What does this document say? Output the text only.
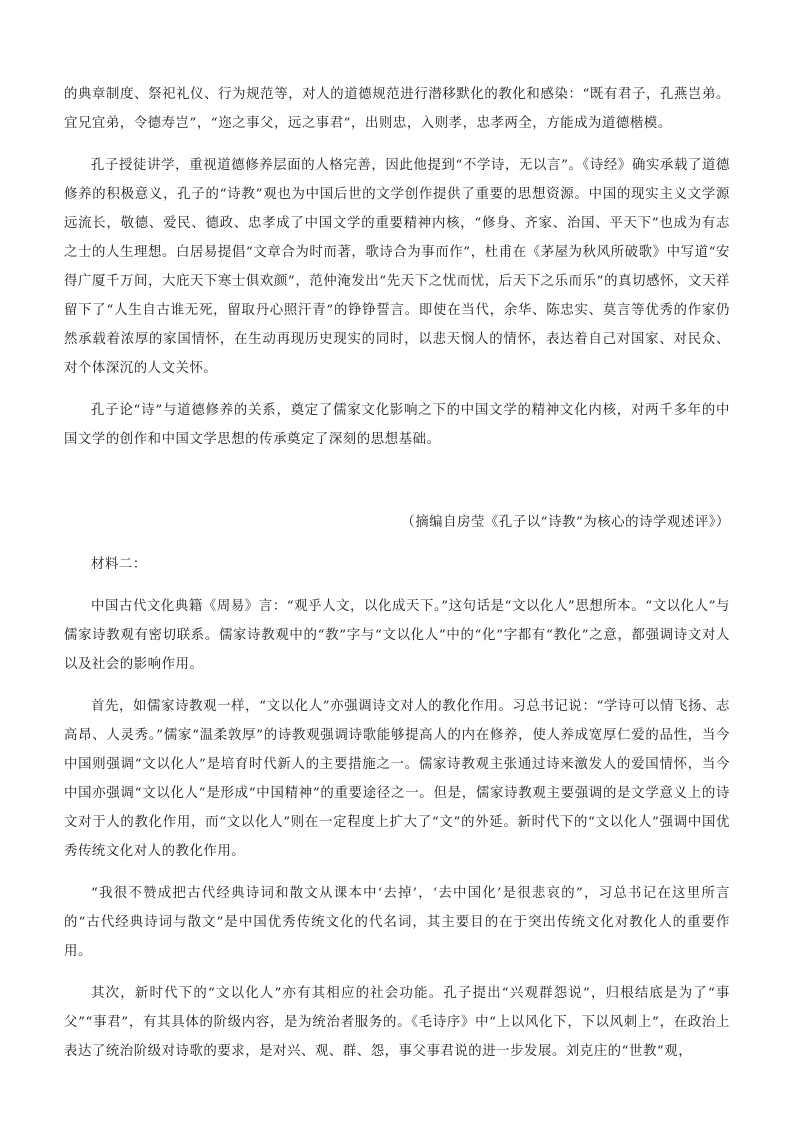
的典章制度、祭祀礼仪、行为规范等，对人的道德规范进行潜移默化的教化和感染：“既有君子，孔燕岂弟。宜兄宜弟，令德寿岂”，“迩之事父，远之事君”，出则忠，入则孝，忠孝两全，方能成为道德楷模。

孔子授徒讲学，重视道德修养层面的人格完善，因此他提到“不学诗，无以言”。《诗经》确实承载了道德修养的积极意义，孔子的“诗教”观也为中国后世的文学创作提供了重要的思想资源。中国的现实主义文学源远流长，敬德、爱民、德政、忠孝成了中国文学的重要精神内核，“修身、齐家、治国、平天下”也成为有志之士的人生理想。白居易提倡“文章合为时而著，歌诗合为事而作”，杜甫在《茅屋为秋风所破歌》中写道“安得广厦千万间，大庇天下寒士俱欢颜”，范仲淹发出“先天下之忧而忧，后天下之乐而乐”的真切感怀，文天祥留下了“人生自古谁无死，留取丹心照汗青”的铮铮誓言。即使在当代，余华、陈忠实、莫言等优秀的作家仍然承载着浓厚的家国情怀，在生动再现历史现实的同时，以悲天悯人的情怀，表达着自己对国家、对民众、对个体深沉的人文关怀。

孔子论“诗”与道德修养的关系，奠定了儒家文化影响之下的中国文学的精神文化内核，对两千多年的中国文学的创作和中国文学思想的传承奠定了深刻的思想基础。

（摘编自房莹《孔子以“诗教”为核心的诗学观述评》）

材料二：

中国古代文化典籍《周易》言：“观乎人文，以化成天下。”这句话是“文以化人”思想所本。“文以化人”与儒家诗教观有密切联系。儒家诗教观中的“教”字与“文以化人”中的“化”字都有“教化”之意，都强调诗文对人以及社会的影响作用。

首先，如儒家诗教观一样，“文以化人”亦强调诗文对人的教化作用。习总书记说：“学诗可以情飞扬、志高昂、人灵秀。”儒家“温柔敦厚”的诗教观强调诗歌能够提高人的内在修养，使人养成宽厚仁爱的品性，当今中国则强调“文以化人”是培育时代新人的主要措施之一。儒家诗教观主张通过诗来激发人的爱国情怀，当今中国亦强调“文以化人”是形成“中国精神”的重要途径之一。但是，儒家诗教观主要强调的是文学意义上的诗文对于人的教化作用，而“文以化人”则在一定程度上扩大了“文”的外延。新时代下的“文以化人”强调中国优秀传统文化对人的教化作用。

“我很不赞成把古代经典诗词和散文从课本中‘去掉’，‘去中国化’是很悲哀的”，习总书记在这里所言的“古代经典诗词与散文”是中国优秀传统文化的代名词，其主要目的在于突出传统文化对教化人的重要作用。

其次，新时代下的“文以化人”亦有其相应的社会功能。孔子提出“兴观群怨说”，归根结底是为了“事父”“事君”，有其具体的阶级内容，是为统治者服务的。《毛诗序》中“上以风化下，下以风刺上”，在政治上表达了统治阶级对诗歌的要求，是对兴、观、群、怨，事父事君说的进一步发展。刘克庄的“世教”观，
